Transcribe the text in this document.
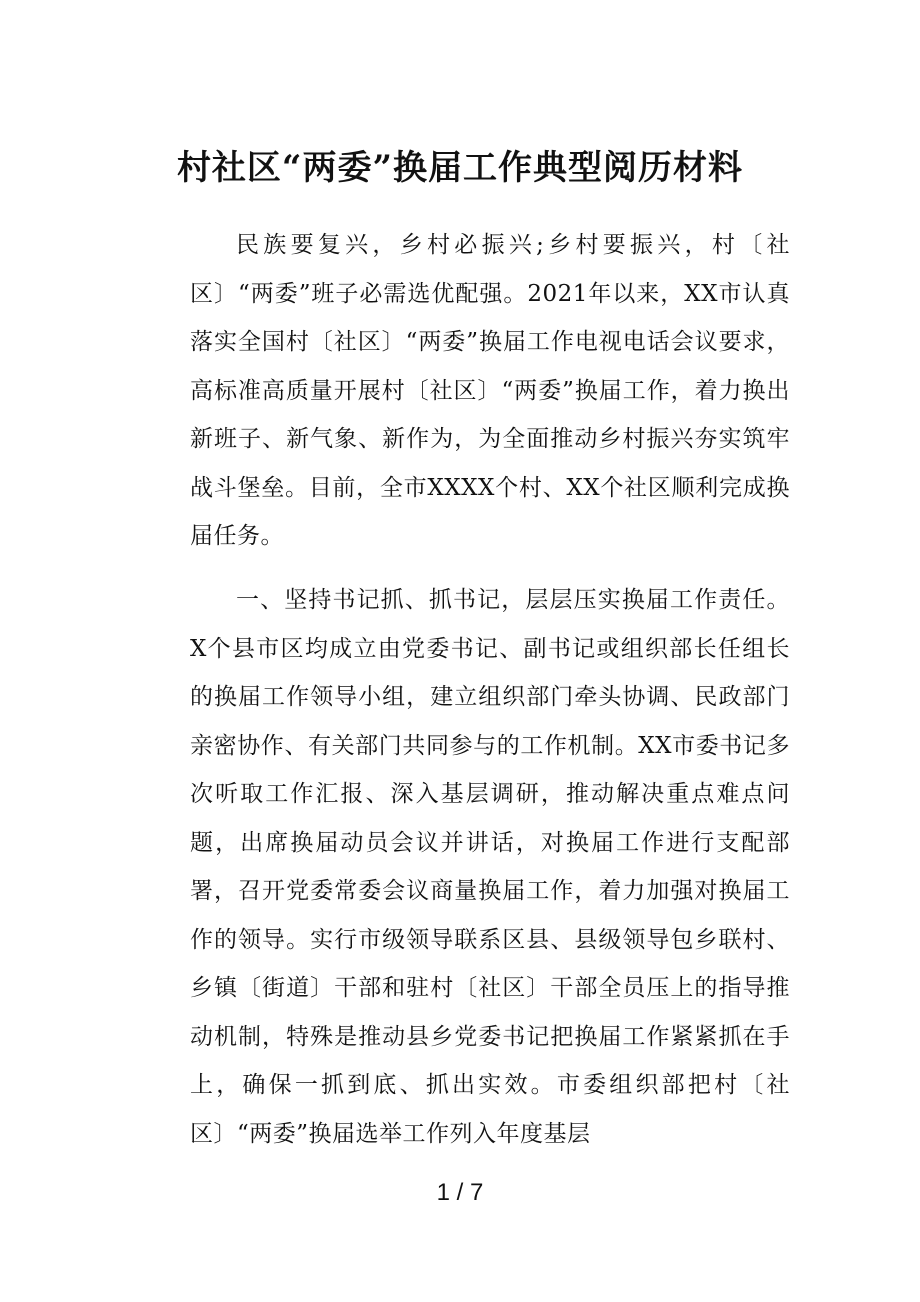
村社区“两委”换届工作典型阅历材料

民族要复兴，乡村必振兴;乡村要振兴，村〔社区〕“两委”班子必需选优配强。2021年以来，XX市认真落实全国村〔社区〕“两委”换届工作电视电话会议要求，高标准高质量开展村〔社区〕“两委”换届工作，着力换出新班子、新气象、新作为，为全面推动乡村振兴夯实筑牢战斗堡垒。目前，全市XXXX个村、XX个社区顺利完成换届任务。

一、坚持书记抓、抓书记，层层压实换届工作责任。X个县市区均成立由党委书记、副书记或组织部长任组长的换届工作领导小组，建立组织部门牵头协调、民政部门亲密协作、有关部门共同参与的工作机制。XX市委书记多次听取工作汇报、深入基层调研，推动解决重点难点问题，出席换届动员会议并讲话，对换届工作进行支配部署，召开党委常委会议商量换届工作，着力加强对换届工作的领导。实行市级领导联系区县、县级领导包乡联村、乡镇〔街道〕干部和驻村〔社区〕干部全员压上的指导推动机制，特殊是推动县乡党委书记把换届工作紧紧抓在手上，确保一抓到底、抓出实效。市委组织部把村〔社区〕“两委”换届选举工作列入年度基层

1 / 7
